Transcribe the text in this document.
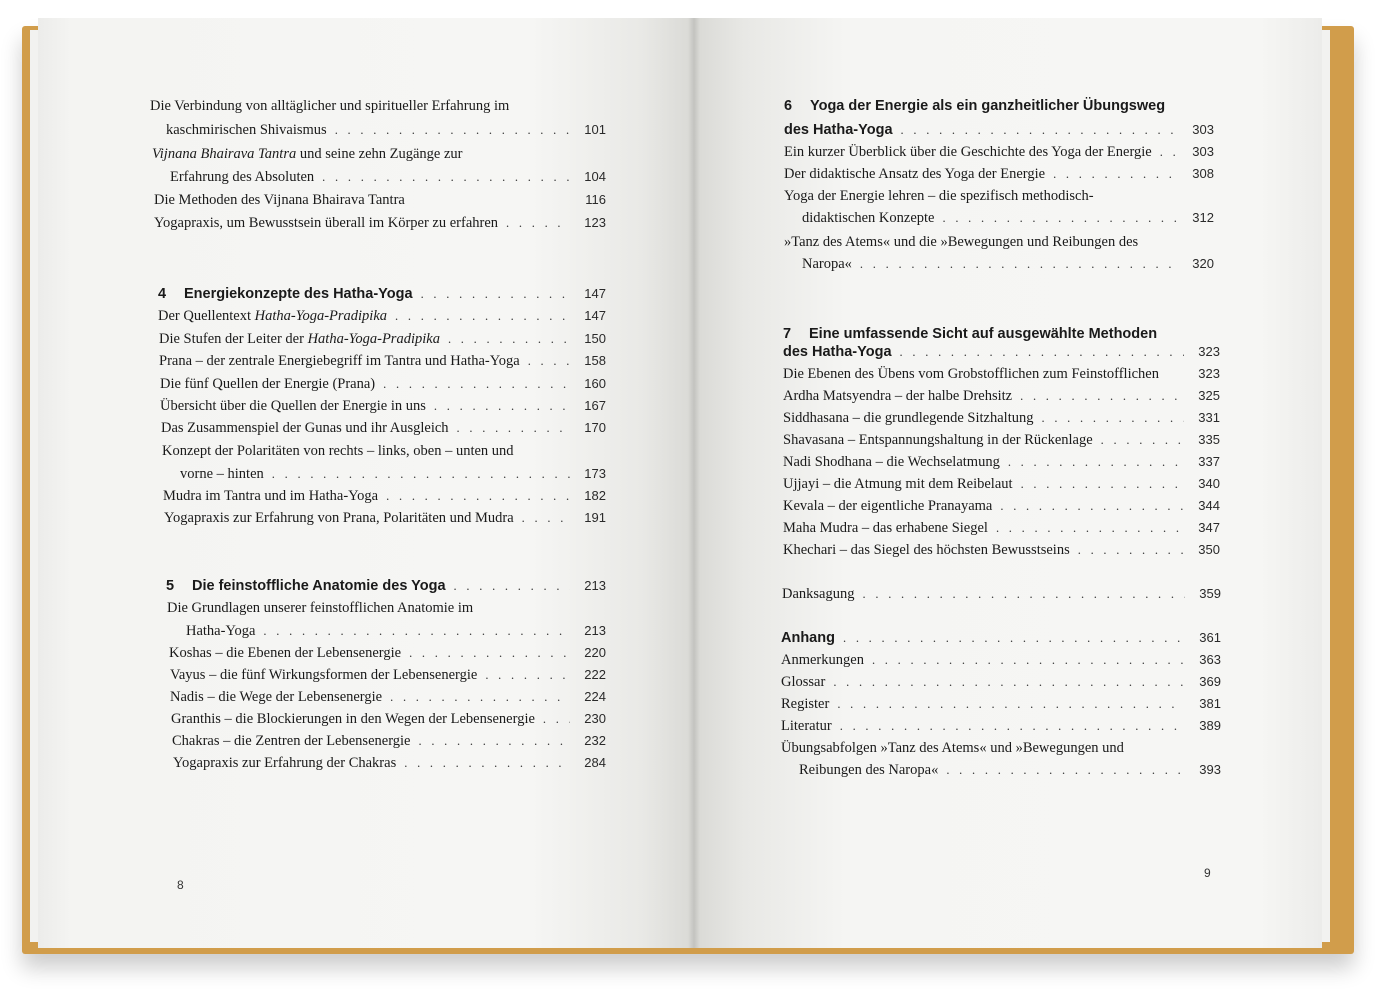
Die Verbindung von alltäglicher und spiritueller Erfahrung im
kaschmirischen Shivaismus . . .	101
Vijnana Bhairava Tantra und seine zehn Zugänge zur
Erfahrung des Absoluten . . .	104
Die Methoden des Vijnana Bhairava Tantra	116
Yogapraxis, um Bewusstsein überall im Körper zu erfahren . . .	123
4 Energiekonzepte des Hatha-Yoga . . .	147
Der Quellentext Hatha-Yoga-Pradipika . . .	147
Die Stufen der Leiter der Hatha-Yoga-Pradipika . . .	150
Prana – der zentrale Energiebegriff im Tantra und Hatha-Yoga . . .	158
Die fünf Quellen der Energie (Prana) . . .	160
Übersicht über die Quellen der Energie in uns . . .	167
Das Zusammenspiel der Gunas und ihr Ausgleich . . .	170
Konzept der Polaritäten von rechts – links, oben – unten und
vorne – hinten . . .	173
Mudra im Tantra und im Hatha-Yoga . . .	182
Yogapraxis zur Erfahrung von Prana, Polaritäten und Mudra . . .	191
5 Die feinstoffliche Anatomie des Yoga . . .	213
Die Grundlagen unserer feinstofflichen Anatomie im
Hatha-Yoga . . .	213
Koshas – die Ebenen der Lebensenergie . . .	220
Vayus – die fünf Wirkungsformen der Lebensenergie . . .	222
Nadis – die Wege der Lebensenergie . . .	224
Granthis – die Blockierungen in den Wegen der Lebensenergie . . .	230
Chakras – die Zentren der Lebensenergie . . .	232
Yogapraxis zur Erfahrung der Chakras . . .	284
8
6 Yoga der Energie als ein ganzheitlicher Übungsweg
des Hatha-Yoga . . .	303
Ein kurzer Überblick über die Geschichte des Yoga der Energie . . .	303
Der didaktische Ansatz des Yoga der Energie . . .	308
Yoga der Energie lehren – die spezifisch methodisch-
didaktischen Konzepte . . .	312
»Tanz des Atems« und die »Bewegungen und Reibungen des
Naropa« . . .	320
7 Eine umfassende Sicht auf ausgewählte Methoden
des Hatha-Yoga . . .	323
Die Ebenen des Übens vom Grobstofflichen zum Feinstofflichen	323
Ardha Matsyendra – der halbe Drehsitz . . .	325
Siddhasana – die grundlegende Sitzhaltung . . .	331
Shavasana – Entspannungshaltung in der Rückenlage . . .	335
Nadi Shodhana – die Wechselatmung . . .	337
Ujjayi – die Atmung mit dem Reibelaut . . .	340
Kevala – der eigentliche Pranayama . . .	344
Maha Mudra – das erhabene Siegel . . .	347
Khechari – das Siegel des höchsten Bewusstseins . . .	350
Danksagung . . .	359
Anhang . . .	361
Anmerkungen . . .	363
Glossar . . .	369
Register . . .	381
Literatur . . .	389
Übungsabfolgen »Tanz des Atems« und »Bewegungen und
Reibungen des Naropa« . . .	393
9
